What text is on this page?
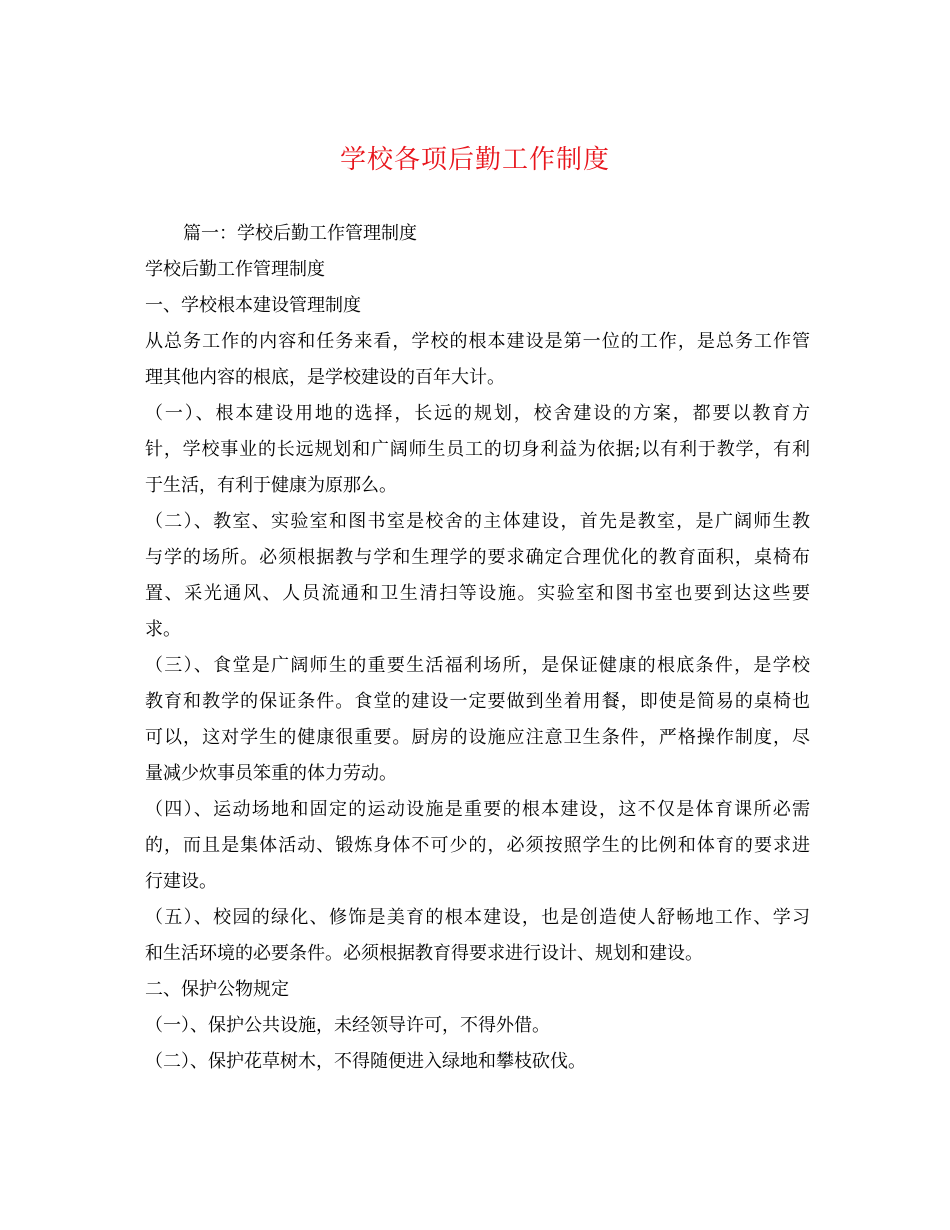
学校各项后勤工作制度
篇一：学校后勤工作管理制度
学校后勤工作管理制度
一、学校根本建设管理制度
从总务工作的内容和任务来看，学校的根本建设是第一位的工作，是总务工作管
理其他内容的根底，是学校建设的百年大计。
（一）、根本建设用地的选择，长远的规划，校舍建设的方案，都要以教育方
针，学校事业的长远规划和广阔师生员工的切身利益为依据;以有利于教学，有利
于生活，有利于健康为原那么。
（二）、教室、实验室和图书室是校舍的主体建设，首先是教室，是广阔师生教
与学的场所。必须根据教与学和生理学的要求确定合理优化的教育面积，桌椅布
置、采光通风、人员流通和卫生清扫等设施。实验室和图书室也要到达这些要
求。
（三）、食堂是广阔师生的重要生活福利场所，是保证健康的根底条件，是学校
教育和教学的保证条件。食堂的建设一定要做到坐着用餐，即使是简易的桌椅也
可以，这对学生的健康很重要。厨房的设施应注意卫生条件，严格操作制度，尽
量减少炊事员笨重的体力劳动。
（四）、运动场地和固定的运动设施是重要的根本建设，这不仅是体育课所必需
的，而且是集体活动、锻炼身体不可少的，必须按照学生的比例和体育的要求进
行建设。
（五）、校园的绿化、修饰是美育的根本建设，也是创造使人舒畅地工作、学习
和生活环境的必要条件。必须根据教育得要求进行设计、规划和建设。
二、保护公物规定
（一）、保护公共设施，未经领导许可，不得外借。
（二）、保护花草树木，不得随便进入绿地和攀枝砍伐。
